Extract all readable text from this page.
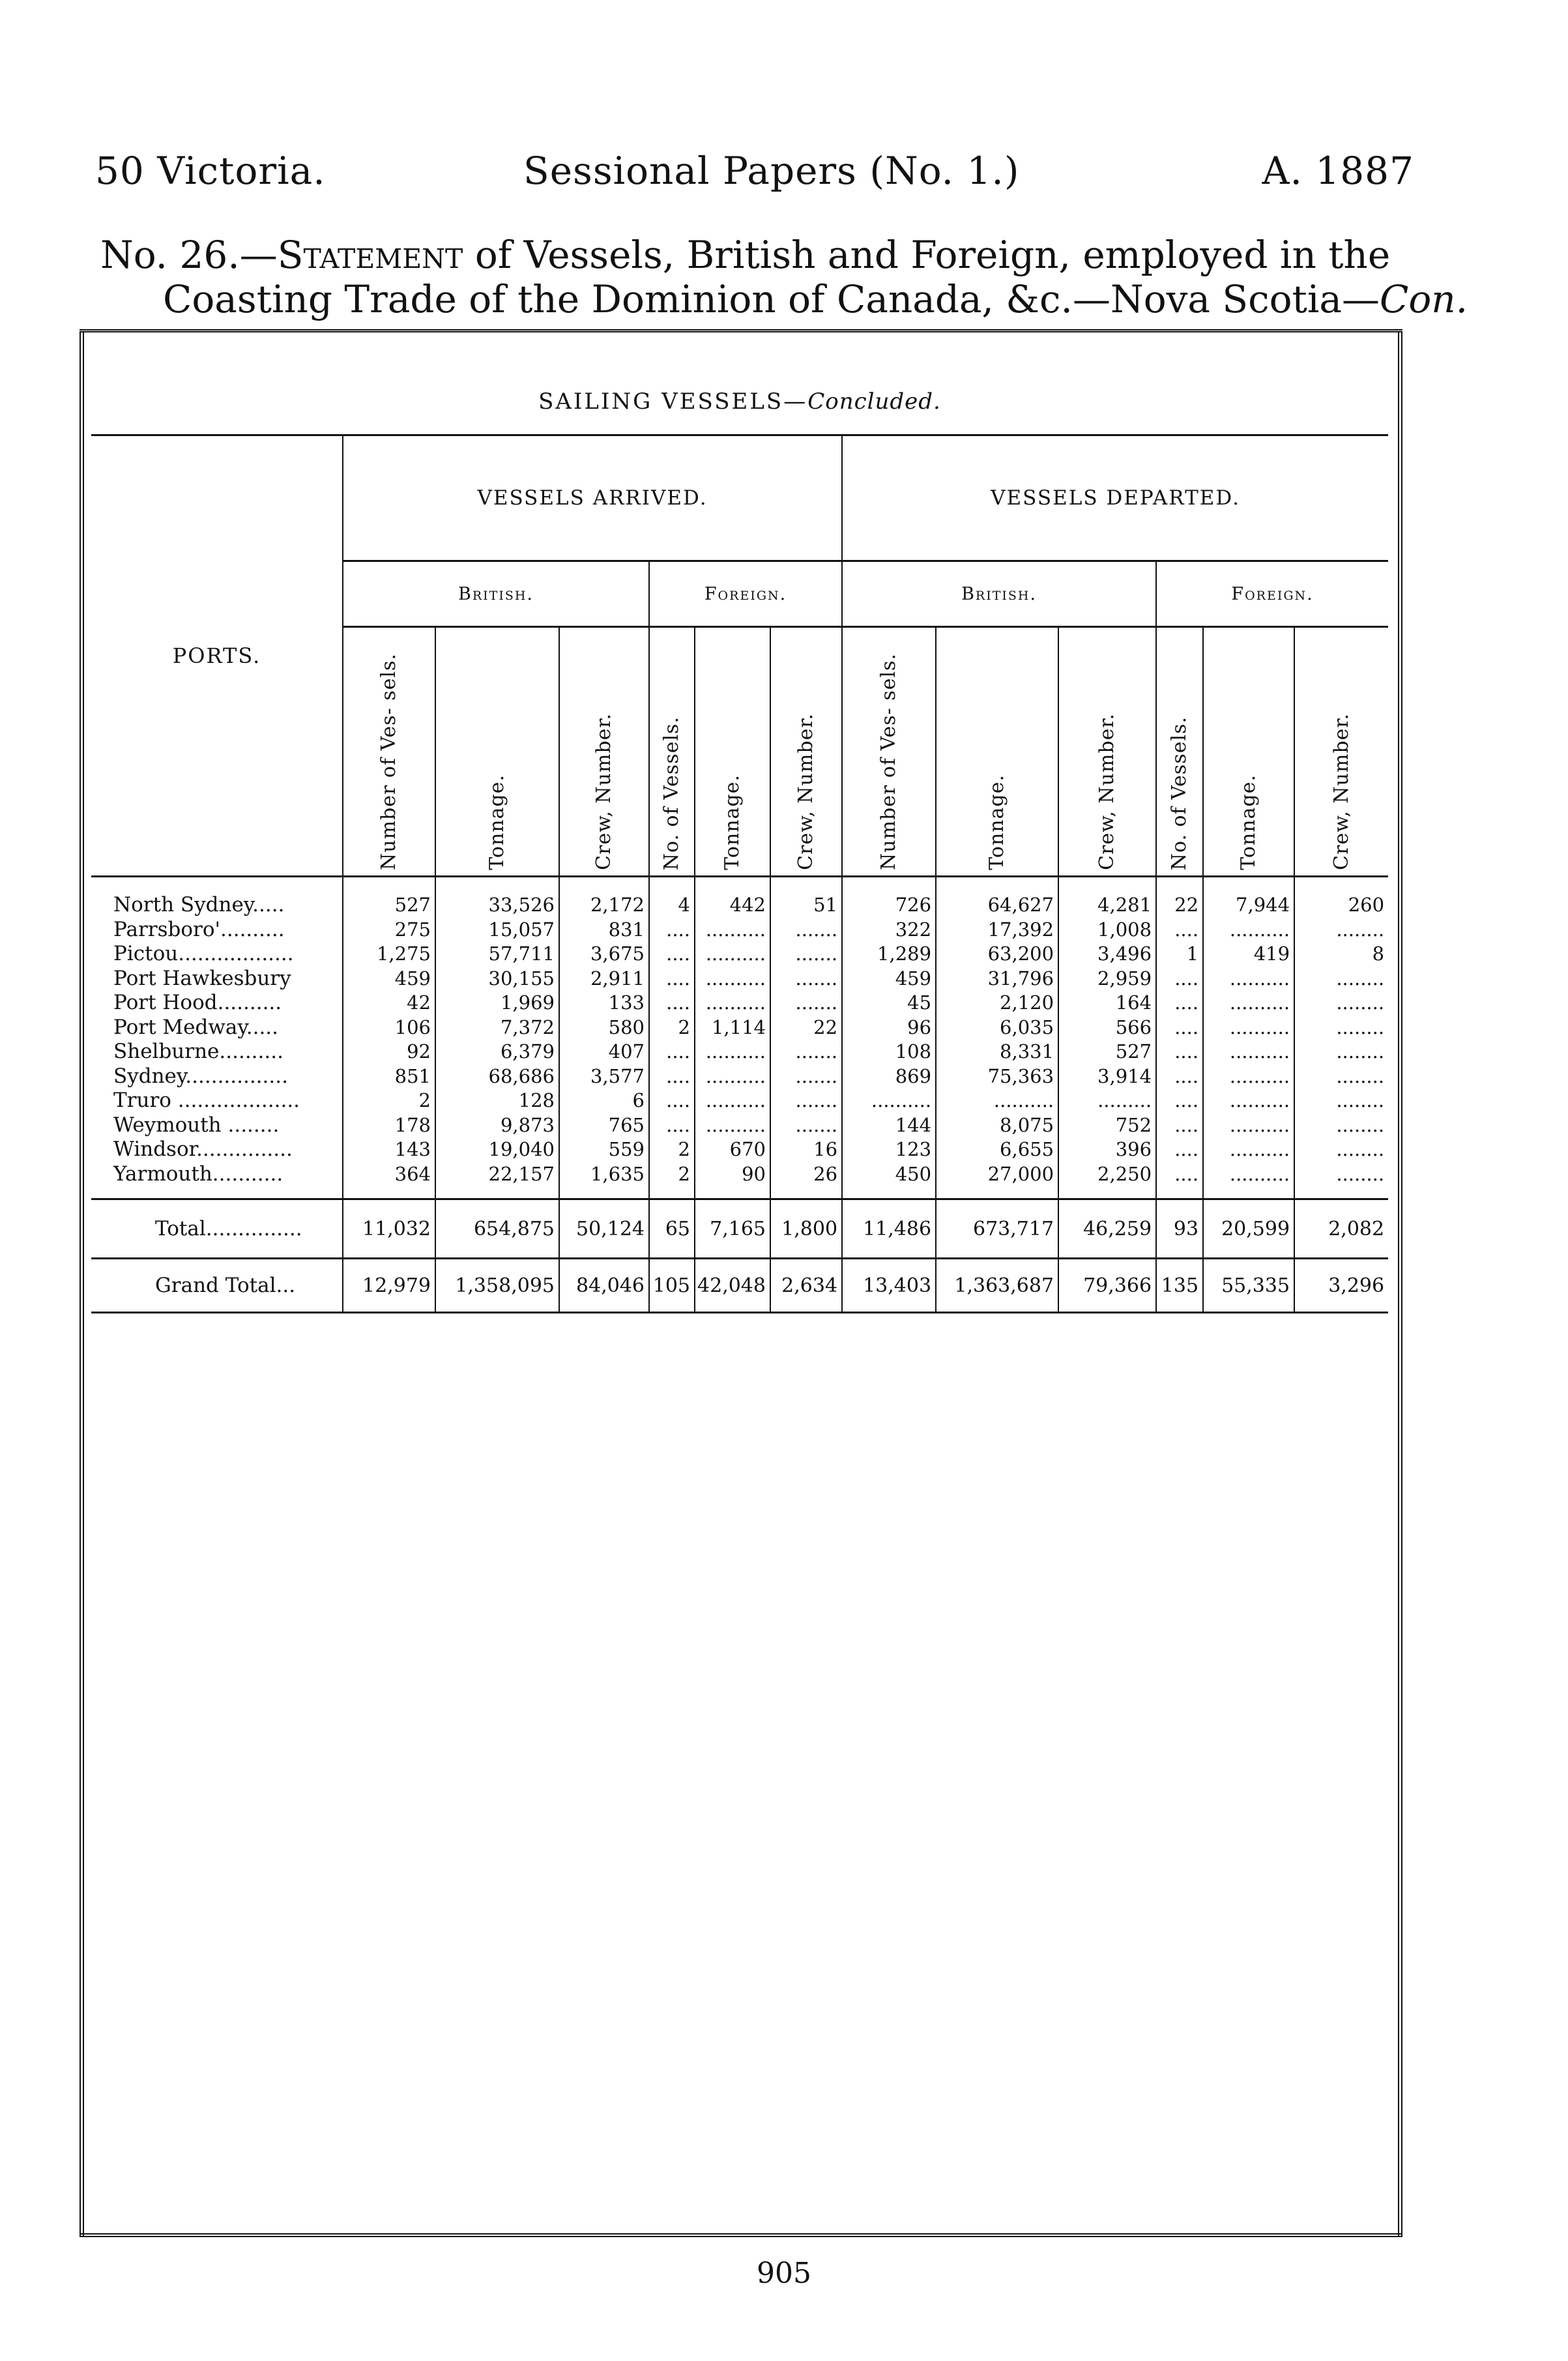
50 Victoria.	Sessional Papers (No. 1.)	A. 1887
No. 26.—Statement of Vessels, British and Foreign, employed in the
Coasting Trade of the Dominion of Canada, &c.—Nova Scotia—Con.
SAILING VESSELS—Concluded.
PORTS.	VESSELS ARRIVED.						VESSELS DEPARTED.					
	British.			Foreign.			British.			Foreign.		
	Number of Ves- sels.	Tonnage.	Crew, Number.	No. of Vessels.	Tonnage.	Crew, Number.	Number of Ves- sels.	Tonnage.	Crew, Number.	No. of Vessels.	Tonnage.	Crew, Number.
North Sydney.....	527	33,526	2,172	4	442	51	726	64,627	4,281	22	7,944	260
Parrsboro'..........	275	15,057	831	....	..........	.......	322	17,392	1,008	....	..........	........
Pictou..................	1,275	57,711	3,675	....	..........	.......	1,289	63,200	3,496	1	419	8
Port Hawkesbury	459	30,155	2,911	....	..........	.......	459	31,796	2,959	....	..........	........
Port Hood..........	42	1,969	133	....	..........	.......	45	2,120	164	....	..........	........
Port Medway.....	106	7,372	580	2	1,114	22	96	6,035	566	....	..........	........
Shelburne..........	92	6,379	407	....	..........	.......	108	8,331	527	....	..........	........
Sydney................	851	68,686	3,577	....	..........	.......	869	75,363	3,914	....	..........	........
Truro ...................	2	128	6	....	..........	.......	..........	..........	.........	....	..........	........
Weymouth ........	178	9,873	765	....	..........	.......	144	8,075	752	....	..........	........
Windsor...............	143	19,040	559	2	670	16	123	6,655	396	....	..........	........
Yarmouth...........	364	22,157	1,635	2	90	26	450	27,000	2,250	....	..........	........
Total...............	11,032	654,875	50,124	65	7,165	1,800	11,486	673,717	46,259	93	20,599	2,082
Grand Total...	12,979	1,358,095	84,046	105	42,048	2,634	13,403	1,363,687	79,366	135	55,335	3,296
905
